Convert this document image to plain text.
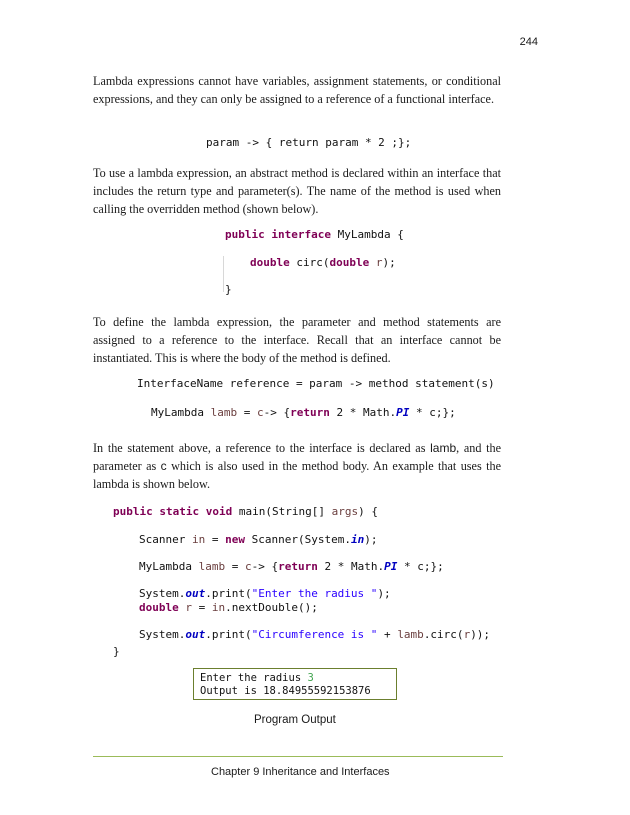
244

Lambda expressions cannot have variables, assignment statements, or conditional expressions, and they can only be assigned to a reference of a functional interface.

param -> { return param * 2 ;};

To use a lambda expression, an abstract method is declared within an interface that includes the return type and parameter(s). The name of the method is used when calling the overridden method (shown below).

public interface MyLambda {
double circ(double r);
}

To define the lambda expression, the parameter and method statements are assigned to a reference to the interface. Recall that an interface cannot be instantiated. This is where the body of the method is defined.

InterfaceName reference = param -> method statement(s)
MyLambda lamb = c-> {return 2 * Math.PI * c;};

In the statement above, a reference to the interface is declared as lamb, and the parameter as c which is also used in the method body. An example that uses the lambda is shown below.

public static void main(String[] args) {
Scanner in = new Scanner(System.in);
MyLambda lamb = c-> {return 2 * Math.PI * c;};
System.out.print("Enter the radius ");
double r = in.nextDouble();
System.out.print("Circumference is " + lamb.circ(r));
}
Enter the radius 3
Output is 18.84955592153876
Program Output
Chapter 9 Inheritance and Interfaces
